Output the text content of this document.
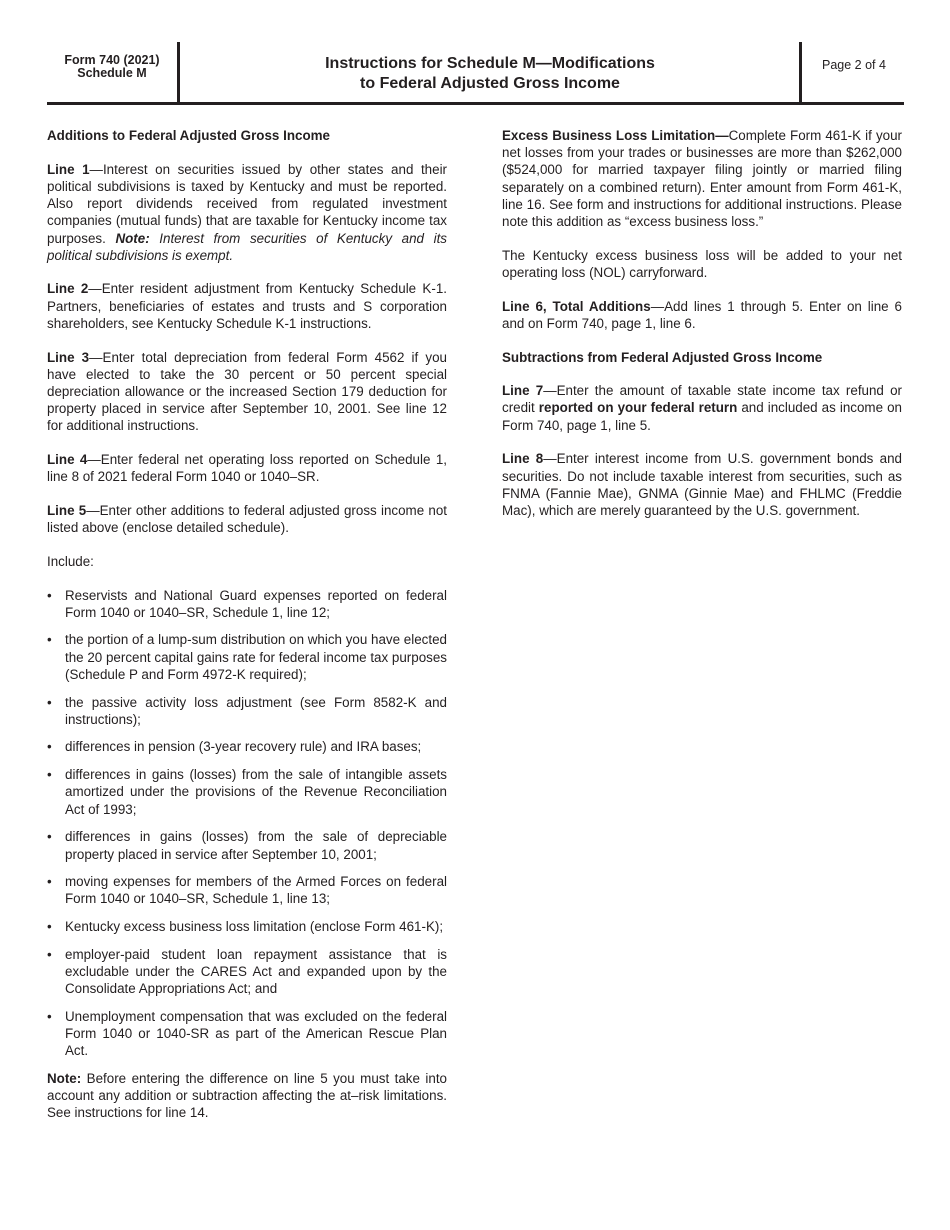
Form 740 (2021)
Schedule M
Instructions for Schedule M—Modifications
to Federal Adjusted Gross Income
Page 2 of 4
Additions to Federal Adjusted Gross Income

Line 1—Interest on securities issued by other states and their political subdivisions is taxed by Kentucky and must be reported. Also report dividends received from regulated investment companies (mutual funds) that are taxable for Kentucky income tax purposes. Note: Interest from securities of Kentucky and its political subdivisions is exempt.

Line 2—Enter resident adjustment from Kentucky Schedule K-1. Partners, beneficiaries of estates and trusts and S corporation shareholders, see Kentucky Schedule K-1 instructions.

Line 3—Enter total depreciation from federal Form 4562 if you have elected to take the 30 percent or 50 percent special depreciation allowance or the increased Section 179 deduction for property placed in service after September 10, 2001. See line 12 for additional instructions.

Line 4—Enter federal net operating loss reported on Schedule 1, line 8 of 2021 federal Form 1040 or 1040–SR.

Line 5—Enter other additions to federal adjusted gross income not listed above (enclose detailed schedule).

Include:

• Reservists and National Guard expenses reported on federal Form 1040 or 1040–SR, Schedule 1, line 12;
• the portion of a lump-sum distribution on which you have elected the 20 percent capital gains rate for federal income tax purposes (Schedule P and Form 4972-K required);
• the passive activity loss adjustment (see Form 8582-K and instructions);
• differences in pension (3-year recovery rule) and IRA bases;
• differences in gains (losses) from the sale of intangible assets amortized under the provisions of the Revenue Reconciliation Act of 1993;
• differences in gains (losses) from the sale of depreciable property placed in service after September 10, 2001;
• moving expenses for members of the Armed Forces on federal Form 1040 or 1040–SR, Schedule 1, line 13;
• Kentucky excess business loss limitation (enclose Form 461-K);
• employer-paid student loan repayment assistance that is excludable under the CARES Act and expanded upon by the Consolidate Appropriations Act; and
• Unemployment compensation that was excluded on the federal Form 1040 or 1040-SR as part of the American Rescue Plan Act.

Note: Before entering the difference on line 5 you must take into account any addition or subtraction affecting the at–risk limitations. See instructions for line 14.

Excess Business Loss Limitation—Complete Form 461-K if your net losses from your trades or businesses are more than $262,000 ($524,000 for married taxpayer filing jointly or married filing separately on a combined return). Enter amount from Form 461-K, line 16. See form and instructions for additional instructions. Please note this addition as “excess business loss.”

The Kentucky excess business loss will be added to your net operating loss (NOL) carryforward.

Line 6, Total Additions—Add lines 1 through 5. Enter on line 6 and on Form 740, page 1, line 6.

Subtractions from Federal Adjusted Gross Income

Line 7—Enter the amount of taxable state income tax refund or credit reported on your federal return and included as income on Form 740, page 1, line 5.

Line 8—Enter interest income from U.S. government bonds and securities. Do not include taxable interest from securities, such as FNMA (Fannie Mae), GNMA (Ginnie Mae) and FHLMC (Freddie Mac), which are merely guaranteed by the U.S. government.
